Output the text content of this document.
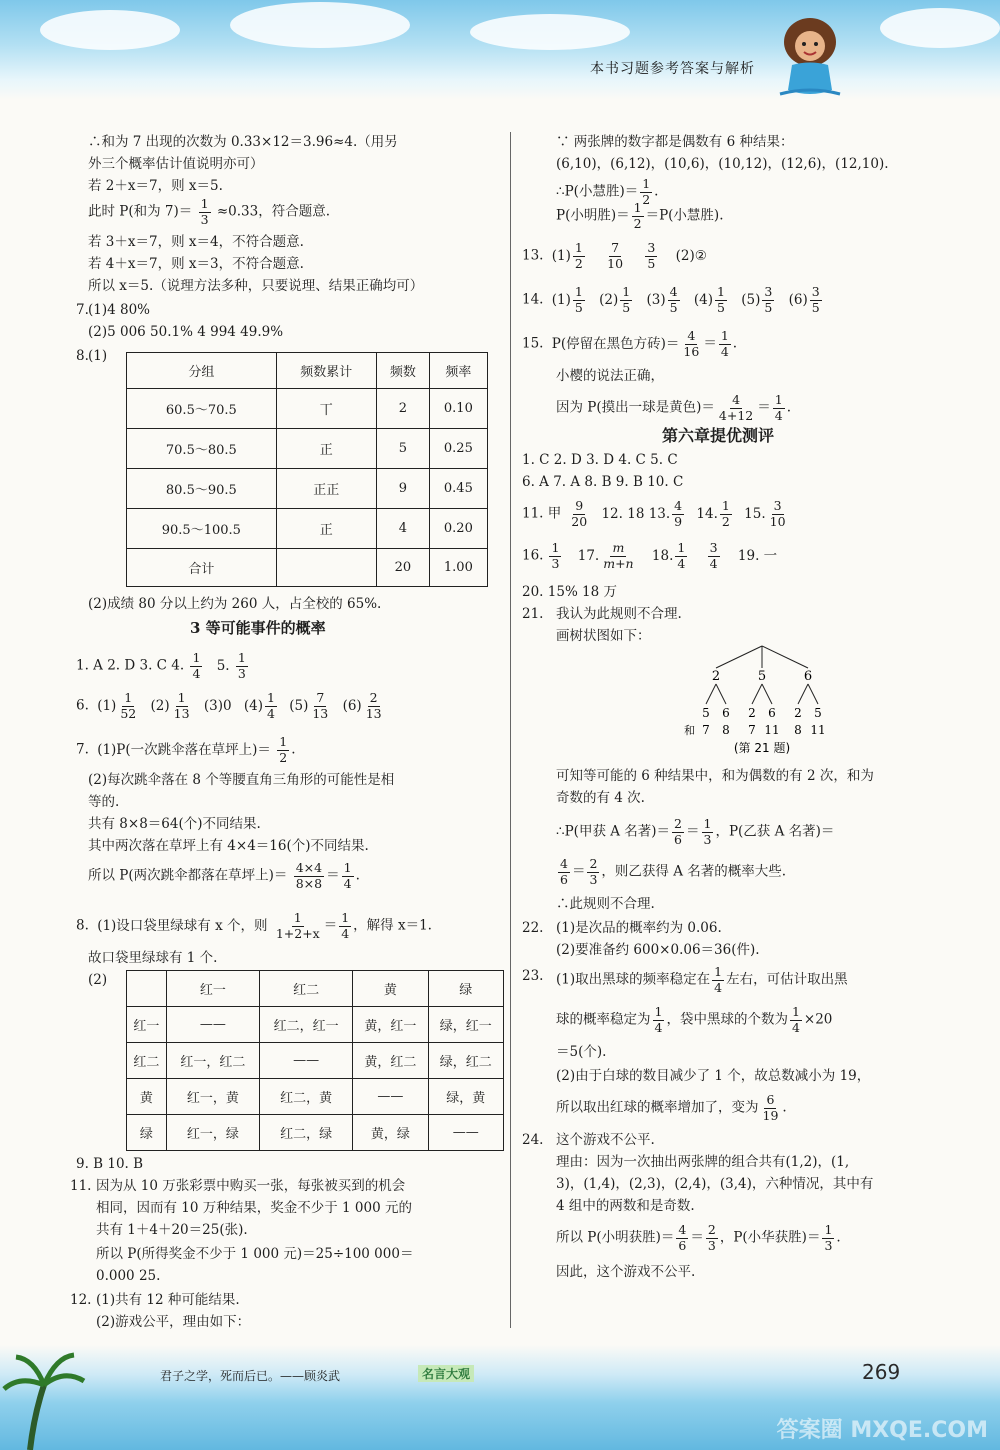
本书习题参考答案与解析
∴和为 7 出现的次数为 0.33×12＝3.96≈4.（用另
外三个概率估计值说明亦可）
若 2＋x＝7，则 x＝5.
此时 P(和为 $7)= \frac{1}{3} \approx 0.33$，符合题意.
若 3＋x＝7，则 x＝4，不符合题意.
若 4＋x＝7，则 x＝3，不符合题意.
所以 x＝5.（说理方法多种，只要说理、结果正确均可）
7. (1)4 80%
(2)5 006 50.1% 4 994 49.9%
8. (1)
分组	频数累计	频数	频率
60.5～70.5	丅	2	0.10
70.5～80.5	正	5	0.25
80.5～90.5	正正	9	0.45
90.5～100.5	正	4	0.20
合计		20	1.00
(2)成绩 80 分以上约为 260 人，占全校的 65%.
3 等可能事件的概率
1. A 2. D 3. C 4. $\frac{1}{4} 5$. $\frac{1}{3}$
6. $(1) \frac{1}{52} (2) \frac{1}{13} (3)0$ $(4) \frac{1}{4} (5) \frac{7}{13} (6) \frac{2}{13}$
7. (1)P(一次跳伞落在草坪上)＝ $\frac{1}{2}$ .
(2)每次跳伞落在 8 个等腰直角三角形的可能性是相
等的.
共有 8×8＝64(个)不同结果.
其中两次落在草坪上有 4×4＝16(个)不同结果.
所以 P(两次跳伞都落在草坪上)＝ $\frac{4\times 4}{8\times 8} = \frac{1}{4}$ .
8. (1)设口袋里绿球有 x 个，则 $\frac{1}{1+2+x} = \frac{1}{4}$ ，解得 x＝1.
故口袋里绿球有 1 个.
(2)
	红一	红二	黄	绿
红一	——	红二，红一	黄，红一	绿，红一
红二	红一，红二	——	黄，红二	绿，红二
黄	红一，黄	红二，黄	——	绿，黄
绿	红一，绿	红二，绿	黄，绿	——
9. B 10. B
11. 因为从 10 万张彩票中购买一张，每张被买到的机会
相同，因而有 10 万种结果，奖金不少于 1 000 元的
共有 1＋4＋20＝25(张).
所以 P(所得奖金不少于 1 000 元)＝25÷100 000＝
0.000 25.
12. (1)共有 12 种可能结果.
(2)游戏公平，理由如下：
∵ 两张牌的数字都是偶数有 6 种结果：
(6,10)，(6,12)，(10,6)，(10,12)，(12,6)，(12,10).
∴P(小慧胜)＝ $\frac{1}{2}$ .
P(小明胜)＝ $\frac{1}{2} =P$(小慧胜).
13. $(1) \frac{1}{2}$
$\frac{7}{10}$
$\frac{3}{5}$ (2)②
14. $(1) \frac{1}{5} (2) \frac{1}{5} (3) \frac{4}{5} (4) \frac{1}{5} (5) \frac{3}{5} (6) \frac{3}{5}$
15. P(停留在黑色方砖)＝ $\frac{4}{16} = \frac{1}{4}$ .
小樱的说法正确，
因为 P(摸出一球是黄色)＝ $\frac{4}{4+12} = \frac{1}{4}$ .
第六章提优测评
1. C 2. D 3. D 4. C 5. C
6. A 7. A 8. B 9. B 10. C
11. 甲 $\frac{9}{20} 12$. 18 13. $\frac{4}{9} 14$. $\frac{1}{2} 15$. $\frac{3}{10}$
16. $\frac{1}{3} 17$. $\frac{m}{m+n} 18$. $\frac{1}{4}$
$\frac{3}{4} 19$. 一
20. 15% 18 万
21. 我认为此规则不合理.
画树状图如下：
可知等可能的 6 种结果中，和为偶数的有 2 次，和为
奇数的有 4 次.
∴P(甲获 A 名著)＝ $\frac{2}{6} = \frac{1}{3}$ ，P(乙获 A 名著)＝
$\frac{4}{6} = \frac{2}{3}$ ，则乙获得 A 名著的概率大些.
∴此规则不合理.
22. (1)是次品的概率约为 0.06.
(2)要准备约 600×0.06＝36(件).
23. (1)取出黑球的频率稳定在 $\frac{1}{4}$ 左右，可估计取出黑
球的概率稳定为 $\frac{1}{4}$ ，袋中黑球的个数为 $\frac{1}{4} \times 20$
＝5(个).
(2)由于白球的数目减少了 1 个，故总数减小为 19，
所以取出红球的概率增加了，变为 $\frac{6}{19}$ .
24. 这个游戏不公平.
理由：因为一次抽出两张牌的组合共有(1,2)，(1,
3)，(1,4)，(2,3)，(2,4)，(3,4)，六种情况，其中有
4 组中的两数和是奇数.
所以 P(小明获胜)＝ $\frac{4}{6} = \frac{2}{3}$ ，P(小华获胜)＝ $\frac{1}{3}$ .
因此，这个游戏不公平.
2	5	6
5 6 2 6 2 5
和 7 8 7 11 8 11
(第 21 题)
君子之学，死而后已。——顾炎武	名言大观	269
答案圈 MXQE.COM
